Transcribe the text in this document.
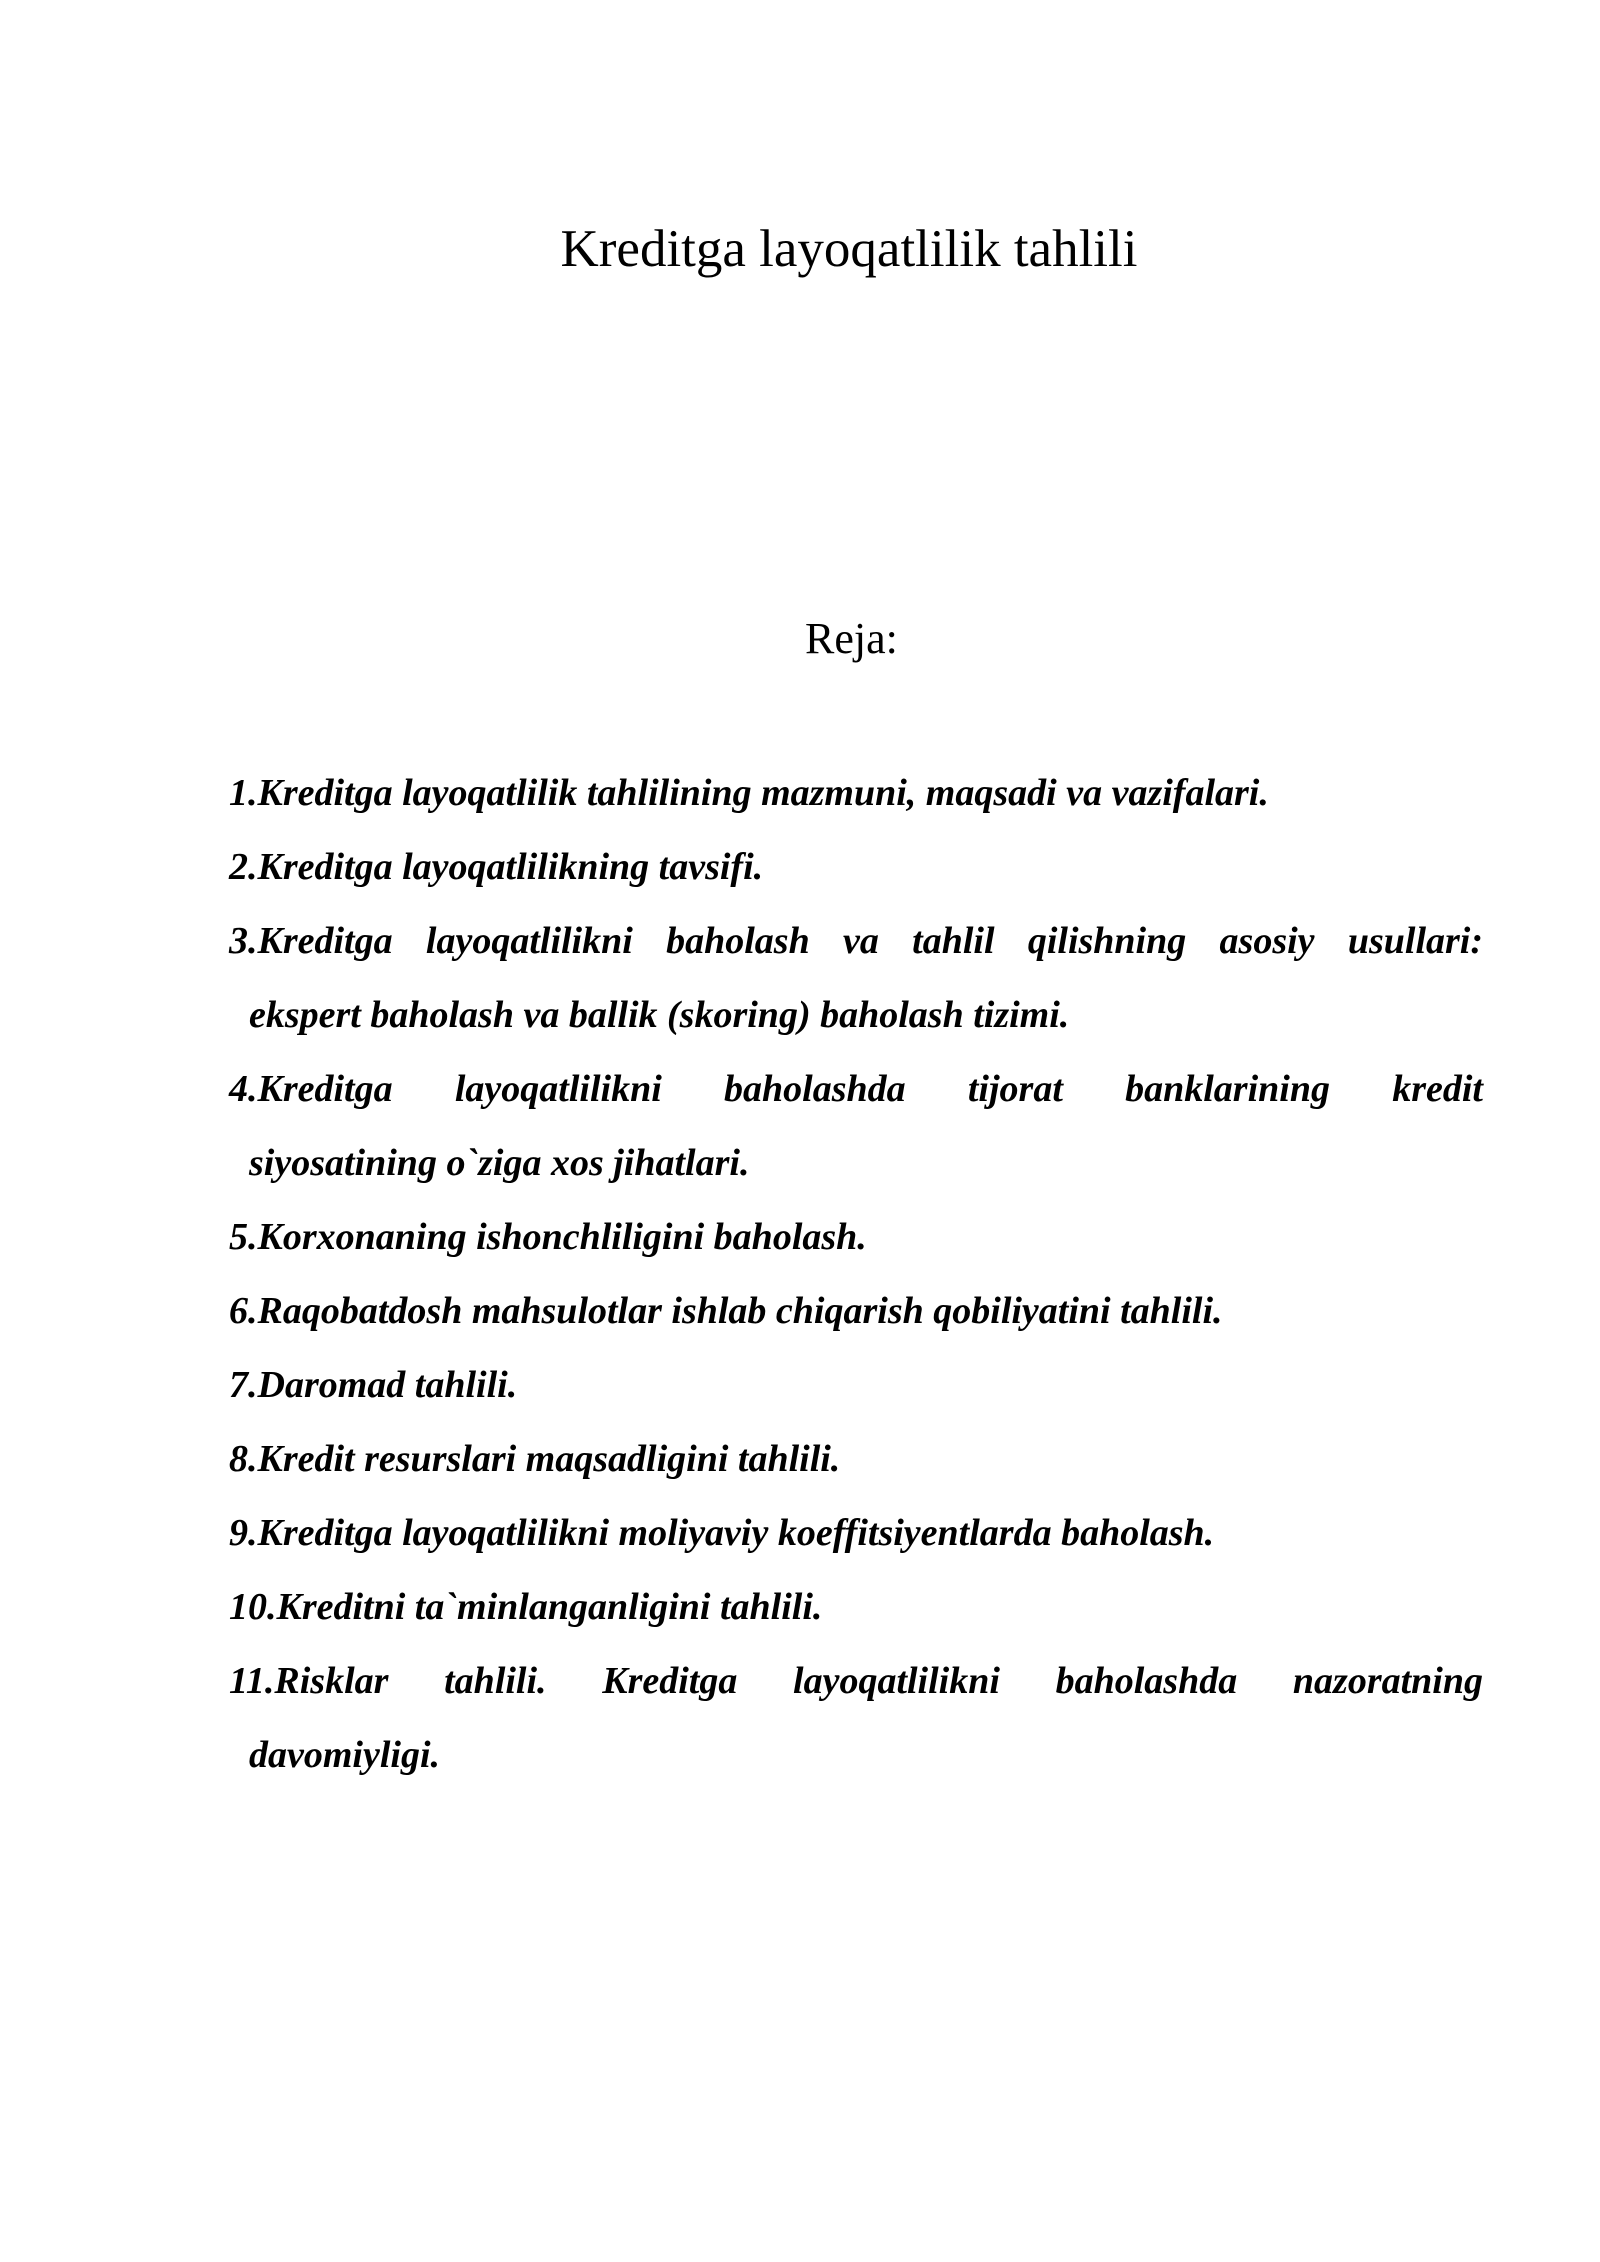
Kreditga layoqatlilik tahlili
Reja:
1.Kreditga layoqatlilik tahlilining mazmuni, maqsadi va vazifalari.
2.Kreditga layoqatlilikning tavsifi.
3.Kreditga layoqatlilikni baholash va tahlil qilishning asosiy usullari:
ekspert baholash va ballik (skoring) baholash tizimi.
4.Kreditga layoqatlilikni baholashda tijorat banklarining kredit
siyosatining o`ziga xos jihatlari.
5.Korxonaning ishonchliligini baholash.
6.Raqobatdosh mahsulotlar ishlab chiqarish qobiliyatini tahlili.
7.Daromad tahlili.
8.Kredit resurslari maqsadligini tahlili.
9.Kreditga layoqatlilikni moliyaviy koeffitsiyentlarda baholash.
10.Kreditni ta`minlanganligini tahlili.
11.Risklar tahlili. Kreditga layoqatlilikni baholashda nazoratning
davomiyligi.
